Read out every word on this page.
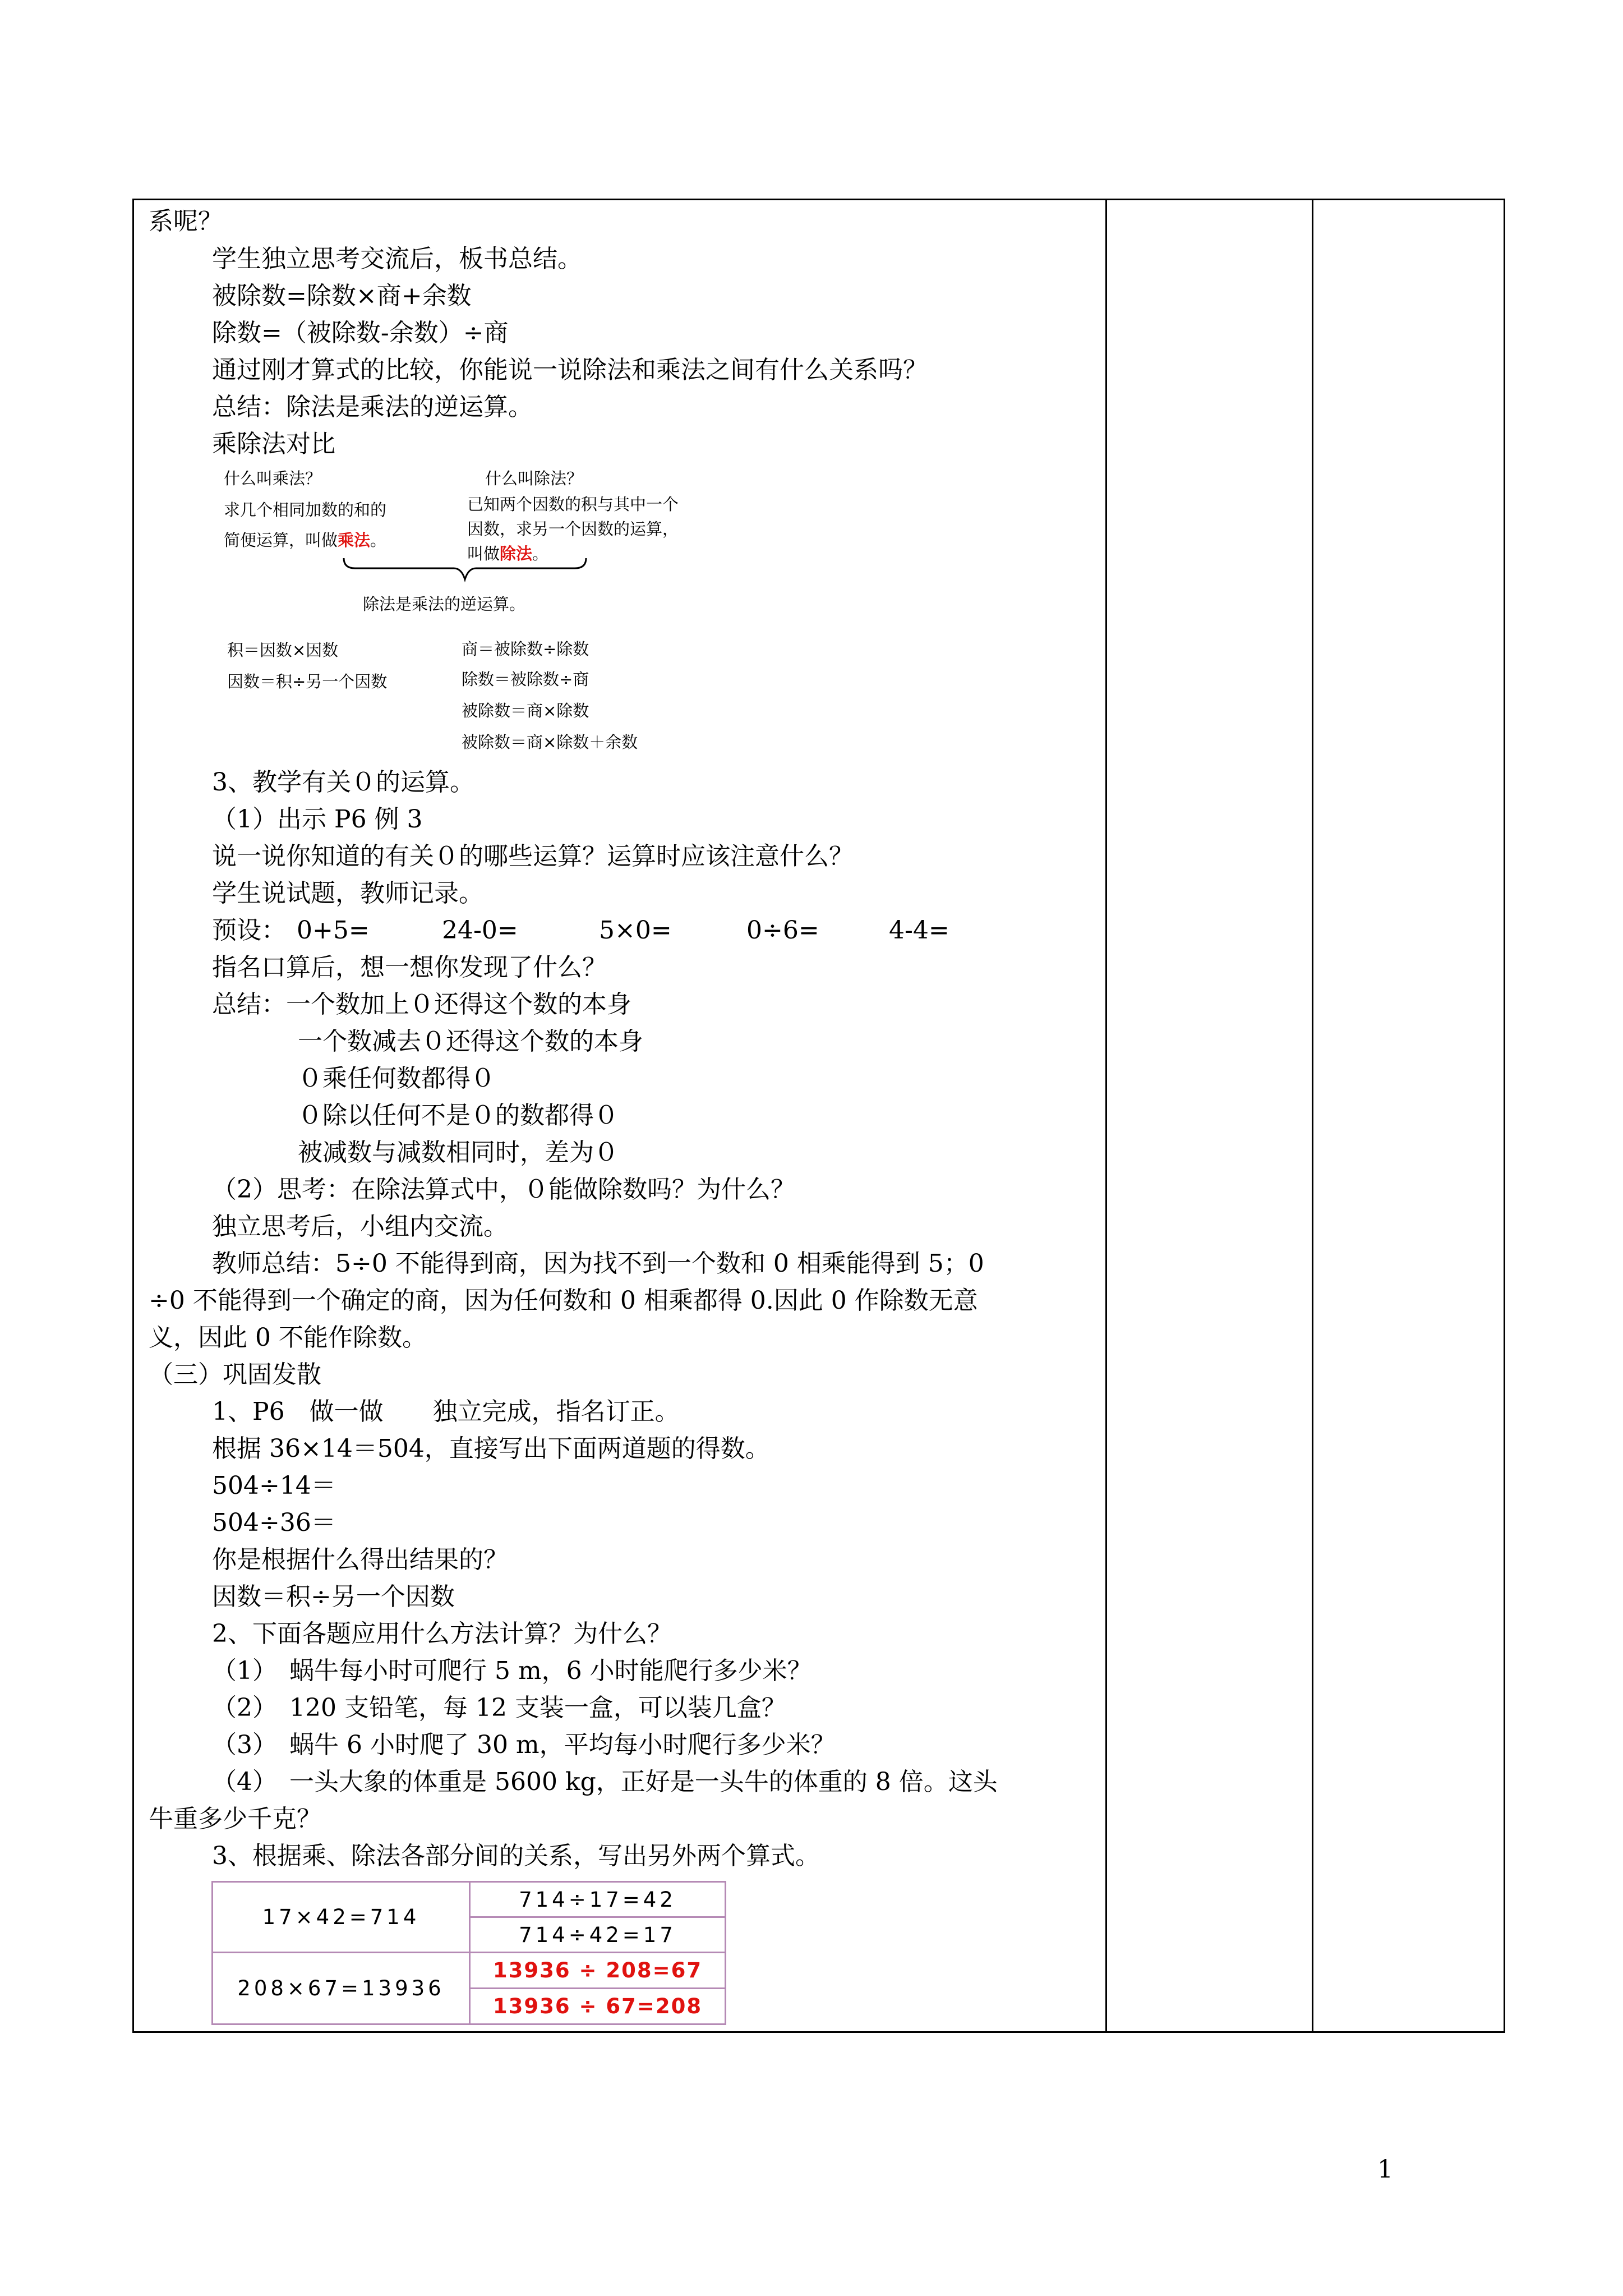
系呢？
学生独立思考交流后，板书总结。
被除数=除数×商+余数
除数=（被除数-余数）÷商
通过刚才算式的比较，你能说一说除法和乘法之间有什么关系吗？
总结：除法是乘法的逆运算。
乘除法对比
什么叫乘法？
求几个相同加数的和的
简便运算，叫做乘法。
什么叫除法？
已知两个因数的积与其中一个
因数，求另一个因数的运算，
叫做除法。
除法是乘法的逆运算。
积＝因数×因数
因数＝积÷另一个因数
商＝被除数÷除数
除数＝被除数÷商
被除数＝商×除数
被除数＝商×除数＋余数
3、教学有关０的运算。
（1）出示 P6 例 3
说一说你知道的有关０的哪些运算？运算时应该注意什么？
学生说试题，教师记录。
预设： 0+5=	24-0=	5×0=	0÷6=	4-4=
指名口算后，想一想你发现了什么？
总结：一个数加上０还得这个数的本身
一个数减去０还得这个数的本身
０乘任何数都得０
０除以任何不是０的数都得０
被减数与减数相同时，差为０
（2）思考：在除法算式中，０能做除数吗？为什么？
独立思考后，小组内交流。
教师总结：5÷0 不能得到商，因为找不到一个数和 0 相乘能得到 5；0
÷0 不能得到一个确定的商，因为任何数和 0 相乘都得 0.因此 0 作除数无意
义，因此 0 不能作除数。
（三）巩固发散
1、P6　做一做　　独立完成，指名订正。
根据 36×14＝504，直接写出下面两道题的得数。
504÷14＝
504÷36＝
你是根据什么得出结果的？
因数＝积÷另一个因数
2、下面各题应用什么方法计算？为什么？
（1）　蜗牛每小时可爬行 5 m，6 小时能爬行多少米？
（2）　120 支铅笔，每 12 支装一盒，可以装几盒？
（3）　蜗牛 6 小时爬了 30 m，平均每小时爬行多少米？
（4）　一头大象的体重是 5600 kg，正好是一头牛的体重的 8 倍。这头
牛重多少千克？
3、根据乘、除法各部分间的关系，写出另外两个算式。
17×42=714	714÷17=42
	714÷42=17
208×67=13936	13936 ÷ 208=67
	13936 ÷ 67=208
1
